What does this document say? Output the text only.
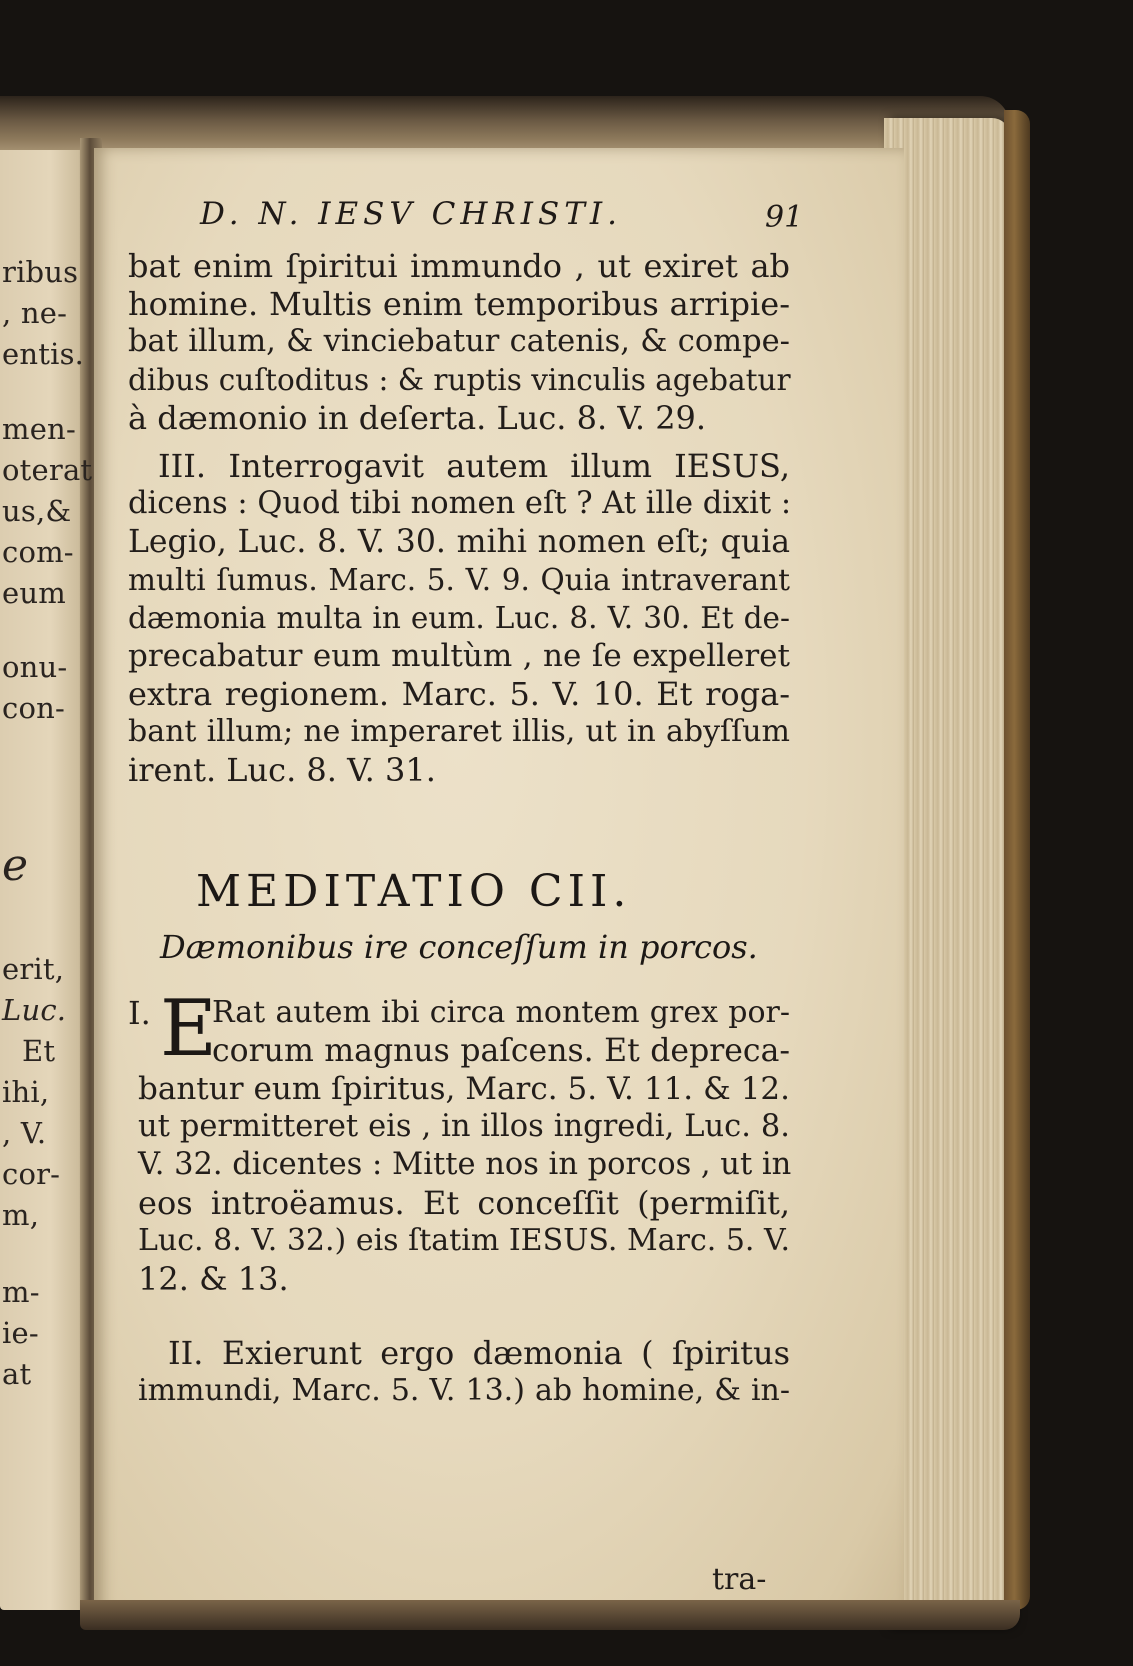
ribus
, ne-
entis.
men-
oterat
us,&
com-
eum
onu-
con-
e
erit,
Luc.
Et
ihi,
, V.
cor-
m,
m-
ie-
at
D. N. IESV CHRISTI.	91
bat enim ſpiritui immundo , ut exiret ab
homine. Multis enim temporibus arripie-
bat illum, & vinciebatur catenis, & compe-
dibus cuſtoditus : & ruptis vinculis agebatur
à dæmonio in deſerta. Luc. 8. V. 29.
III. Interrogavit autem illum IESUS,
dicens : Quod tibi nomen eſt ? At ille dixit :
Legio, Luc. 8. V. 30. mihi nomen eſt; quia
multi ſumus. Marc. 5. V. 9. Quia intraverant
dæmonia multa in eum. Luc. 8. V. 30. Et de-
precabatur eum multùm , ne ſe expelleret
extra regionem. Marc. 5. V. 10. Et roga-
bant illum; ne imperaret illis, ut in abyſſum
irent. Luc. 8. V. 31.
MEDITATIO CII.
Dæmonibus ire conceſſum in porcos.
I. E
Rat autem ibi circa montem grex por-
corum magnus paſcens. Et depreca-
bantur eum ſpiritus, Marc. 5. V. 11. & 12.
ut permitteret eis , in illos ingredi, Luc. 8.
V. 32. dicentes : Mitte nos in porcos , ut in
eos introëamus. Et conceſſit (permiſit,
Luc. 8. V. 32.) eis ſtatim IESUS. Marc. 5. V.
12. & 13.
II. Exierunt ergo dæmonia ( ſpiritus
immundi, Marc. 5. V. 13.) ab homine, & in-
tra-
